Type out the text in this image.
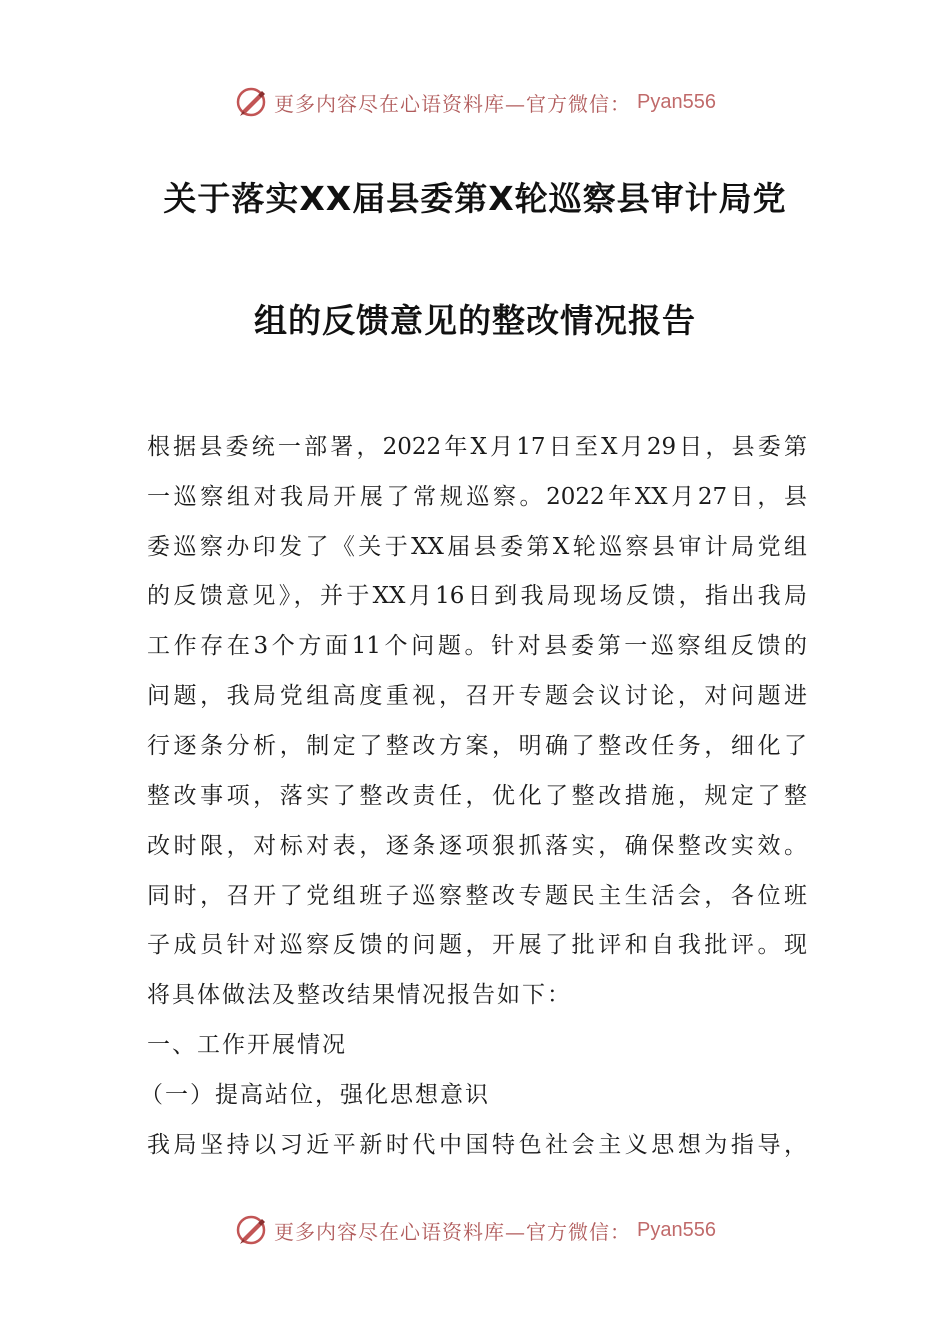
更多内容尽在心语资料库—官方微信： Pyan556
关于落实XX届县委第X轮巡察县审计局党
组的反馈意见的整改情况报告
根据县委统一部署，2022年X月17日至X月29日，县委第
一巡察组对我局开展了常规巡察。2022年XX月27日，县
委巡察办印发了《关于XX届县委第X轮巡察县审计局党组
的反馈意见》，并于XX月16日到我局现场反馈，指出我局
工作存在3个方面11个问题。针对县委第一巡察组反馈的
问题，我局党组高度重视，召开专题会议讨论，对问题进
行逐条分析，制定了整改方案，明确了整改任务，细化了
整改事项，落实了整改责任，优化了整改措施，规定了整
改时限，对标对表，逐条逐项狠抓落实，确保整改实效。
同时，召开了党组班子巡察整改专题民主生活会，各位班
子成员针对巡察反馈的问题，开展了批评和自我批评。现
将具体做法及整改结果情况报告如下：
一、工作开展情况
（一）提高站位，强化思想意识
我局坚持以习近平新时代中国特色社会主义思想为指导，
更多内容尽在心语资料库—官方微信： Pyan556
